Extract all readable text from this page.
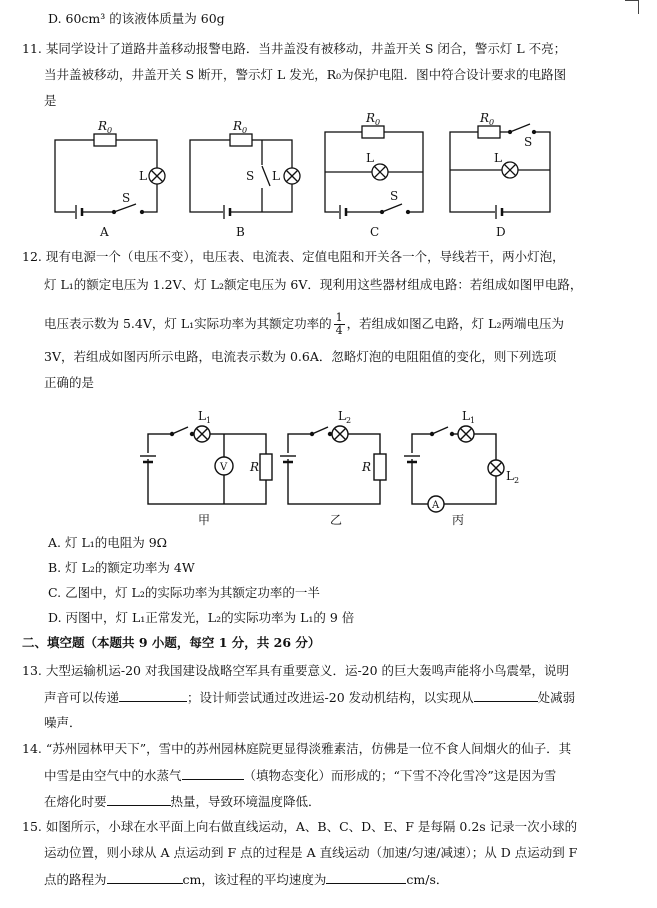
D. 60cm³ 的该液体质量为 60g
11. 某同学设计了道路井盖移动报警电路．当井盖没有被移动，井盖开关 S 闭合，警示灯 L 不亮；
当井盖被移动，井盖开关 S 断开，警示灯 L 发光，R₀为保护电阻．图中符合设计要求的电路图
是
$R_0$
L
S
A
$R_0$
S L
B
$R_0$
L
S
C
$R_0$
S
L
D
12. 现有电源一个（电压不变），电压表、电流表、定值电阻和开关各一个，导线若干，两小灯泡，
灯 L₁的额定电压为 1.2V、灯 L₂额定电压为 6V．现利用这些器材组成电路：若组成如图甲电路，
电压表示数为 5.4V，灯 L₁实际功率为其额定功率的 $\frac{1}{4}$ ，若组成如图乙电路，灯 L₂两端电压为
3V，若组成如图丙所示电路，电流表示数为 0.6A．忽略灯泡的电阻阻值的变化，则下列选项
正确的是
$L_1$
V R
甲
$L_2$
R
乙
$L_1$
$L_2$
A
丙
A. 灯 L₁的电阻为 9Ω
B. 灯 L₂的额定功率为 4W
C. 乙图中，灯 L₂的实际功率为其额定功率的一半
D. 丙图中，灯 L₁正常发光，L₂的实际功率为 L₁的 9 倍
二、填空题（本题共 9 小题，每空 1 分，共 26 分）
13. 大型运输机运-20 对我国建设战略空军具有重要意义．运-20 的巨大轰鸣声能将小鸟震晕，说明
声音可以传递	；设计师尝试通过改进运-20 发动机结构，以实现从	处减弱
噪声．
14. “苏州园林甲天下”，雪中的苏州园林庭院更显得淡雅素洁，仿佛是一位不食人间烟火的仙子．其
中雪是由空气中的水蒸气	（填物态变化）而形成的；“下雪不冷化雪冷”这是因为雪
在熔化时要	热量，导致环境温度降低．
15. 如图所示，小球在水平面上向右做直线运动，A、B、C、D、E、F 是每隔 0.2s 记录一次小球的
运动位置，则小球从 A 点运动到 F 点的过程是 A 直线运动（加速/匀速/减速）；从 D 点运动到 F
点的路程为	cm，该过程的平均速度为	cm/s．
